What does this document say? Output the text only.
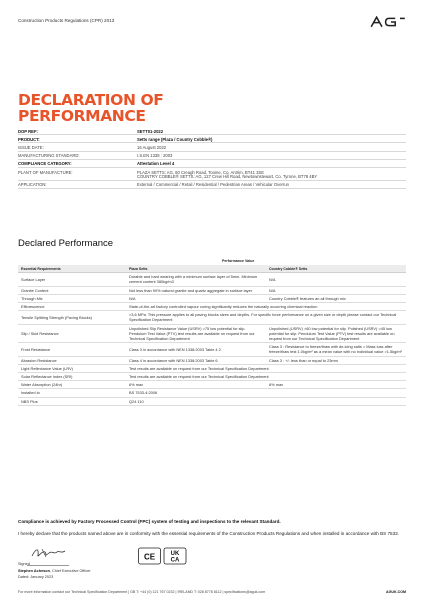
Construction Products Regulations (CPR) 2013
DECLARATION OF
PERFORMANCE
DOP REF:	SETT01-2022
PRODUCT:	Setts range (Plaza / Country Cobble®)
ISSUE DATE:	16 August 2022
MANUFACTURING STANDARD:	I.S.EN 1338 : 2003
COMPLIANCE CATEGORY:	Attestation Level 4
PLANT OF MANUFACTURE:	PLAZA SETTS: AG, 60 Creagh Road, Toome, Co. Antrim, BT41 3SE
COUNTRY COBBLE® SETTS: AG, 127 Crew Hill Road, Newtownstewart, Co. Tyrone, BT78 4BY
APPLICATION:	External / Commercial / Retail / Residential / Pedestrian Areas / Vehicular Overrun
Declared Performance
Performance Value
Essential Requirements	Plaza Setts	Country Cobble® Setts
Surface Layer	Durable and hard wearing with a minimum surface layer of 5mm. Minimum cement content 380kg/m3	N/A
Granite Content	Not less than 90% natural granite and quartz aggregate in surface layer	N/A
Through Mix	N/A	Country Cobble® features an all through mix
Efflorescence	State-of-the-art factory controlled vapour curing significantly reduces the naturally occurring chemical reaction	
Tensile Splitting Strength (Paving Blocks)	>3.6 MPa. This pressure applies to all paving blocks sizes and depths. For specific force performance on a given size or depth please contact our Technical Specification Department	
Slip / Skid Resistance	Unpolished Slip Resistance Value (USRV) >75 low potential for slip. Pendulum Test Value (PTV) test results are available on request from our Technical Specification Department	Unpolished (USRV) >60 low potential for slip. Polished (USRV) >45 low potential for slip. Pendulum Test Value (PTV) test results are available on request from our Technical Specification Department
Frost Resistance	Class 3 in accordance with NEN 1338:2003 Table 4 2	Class 3 : Resistance to freeze/thaw with de-icing salts = Mass loss after freeze/thaw test 1.0kg/m² as a mean value with no individual value >1.5kg/m²
Abrasion Resistance	Class 4 in accordance with NEN 1338:2003 Table 6	Class 3 : +/- less than or equal to 23mm
Light Reflectance Value (LRV)	Test results are available on request from our Technical Specification Department	
Solar Reflectance Index (SRI)	Test results are available on request from our Technical Specification Department	
Water Absorption (24hr)	6% max	6% max
Installed to	BS 7533-4:2006	
NBS Plus	Q24 110	
Compliance is achieved by Factory Processed Control (FPC) system of testing and inspections to the relevant Standard.
I hereby declare that the products named above are in conformity with the essential requirements of the Construction Products Regulations and when installed in accordance with BS 7533.
Signed
Stephen Acheson, Chief Executive Officer
Dated: January 2023
CE	UK
CA
For more information contact our Technical Specification Department | GB T: +44 (0) 121 767 0232 | IRELAND T: 028 8778 8112 | specifications@aguk.com	AGUK.COM
